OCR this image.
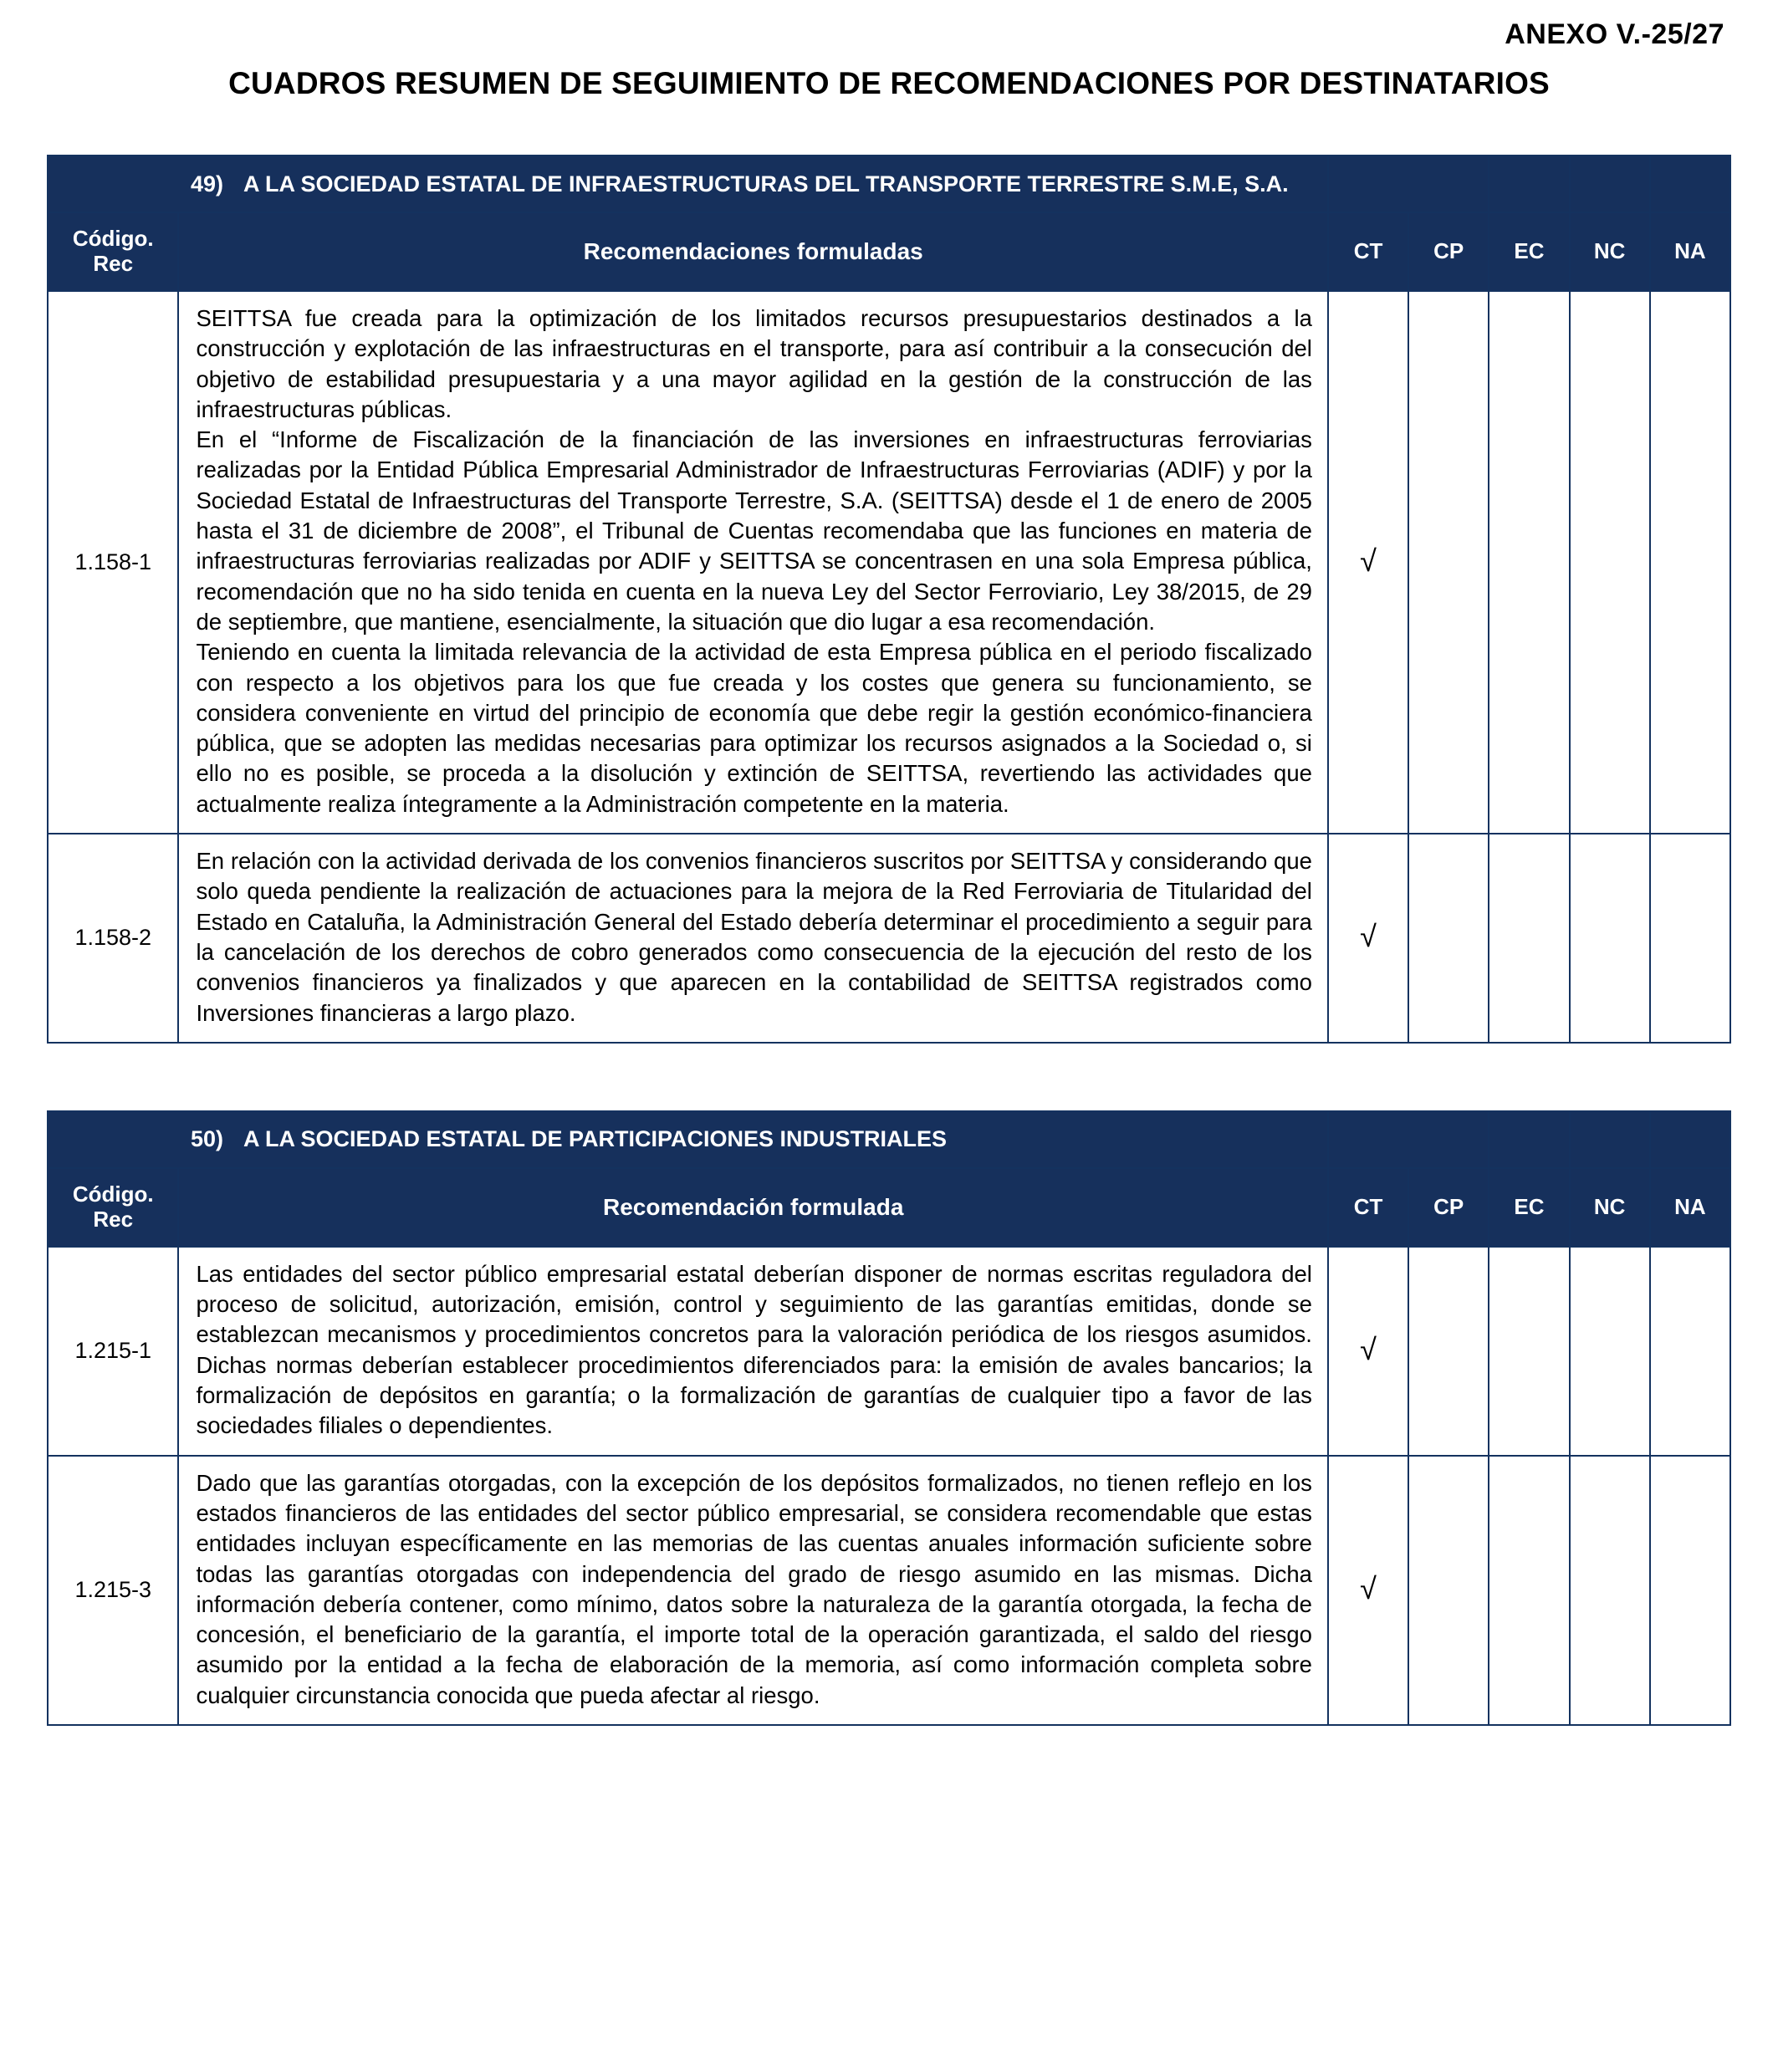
ANEXO V.-25/27
CUADROS RESUMEN DE SEGUIMIENTO DE RECOMENDACIONES POR DESTINATARIOS
49) A LA SOCIEDAD ESTATAL DE INFRAESTRUCTURAS DEL TRANSPORTE TERRESTRE S.M.E, S.A.						

Código.
Rec	Recomendaciones formuladas	CT	CP	EC	NC	NA
1.158-1	SEITTSA fue creada para la optimización de los limitados recursos presupuestarios destinados a la construcción y explotación de las infraestructuras en el transporte, para así contribuir a la consecución del objetivo de estabilidad presupuestaria y a una mayor agilidad en la gestión de la construcción de las infraestructuras públicas.

En el “Informe de Fiscalización de la financiación de las inversiones en infraestructuras ferroviarias realizadas por la Entidad Pública Empresarial Administrador de Infraestructuras Ferroviarias (ADIF) y por la Sociedad Estatal de Infraestructuras del Transporte Terrestre, S.A. (SEITTSA) desde el 1 de enero de 2005 hasta el 31 de diciembre de 2008”, el Tribunal de Cuentas recomendaba que las funciones en materia de infraestructuras ferroviarias realizadas por ADIF y SEITTSA se concentrasen en una sola Empresa pública, recomendación que no ha sido tenida en cuenta en la nueva Ley del Sector Ferroviario, Ley 38/2015, de 29 de septiembre, que mantiene, esencialmente, la situación que dio lugar a esa recomendación.

Teniendo en cuenta la limitada relevancia de la actividad de esta Empresa pública en el periodo fiscalizado con respecto a los objetivos para los que fue creada y los costes que genera su funcionamiento, se considera conveniente en virtud del principio de economía que debe regir la gestión económico-financiera pública, que se adopten las medidas necesarias para optimizar los recursos asignados a la Sociedad o, si ello no es posible, se proceda a la disolución y extinción de SEITTSA, revertiendo las actividades que actualmente realiza íntegramente a la Administración competente en la materia.	√				
1.158-2	En relación con la actividad derivada de los convenios financieros suscritos por SEITTSA y considerando que solo queda pendiente la realización de actuaciones para la mejora de la Red Ferroviaria de Titularidad del Estado en Cataluña, la Administración General del Estado debería determinar el procedimiento a seguir para la cancelación de los derechos de cobro generados como consecuencia de la ejecución del resto de los convenios financieros ya finalizados y que aparecen en la contabilidad de SEITTSA registrados como Inversiones financieras a largo plazo.	√				
50) A LA SOCIEDAD ESTATAL DE PARTICIPACIONES INDUSTRIALES						

Código.
Rec	Recomendación formulada	CT	CP	EC	NC	NA
1.215-1	Las entidades del sector público empresarial estatal deberían disponer de normas escritas reguladora del proceso de solicitud, autorización, emisión, control y seguimiento de las garantías emitidas, donde se establezcan mecanismos y procedimientos concretos para la valoración periódica de los riesgos asumidos. Dichas normas deberían establecer procedimientos diferenciados para: la emisión de avales bancarios; la formalización de depósitos en garantía; o la formalización de garantías de cualquier tipo a favor de las sociedades filiales o dependientes.	√				
1.215-3	Dado que las garantías otorgadas, con la excepción de los depósitos formalizados, no tienen reflejo en los estados financieros de las entidades del sector público empresarial, se considera recomendable que estas entidades incluyan específicamente en las memorias de las cuentas anuales información suficiente sobre todas las garantías otorgadas con independencia del grado de riesgo asumido en las mismas. Dicha información debería contener, como mínimo, datos sobre la naturaleza de la garantía otorgada, la fecha de concesión, el beneficiario de la garantía, el importe total de la operación garantizada, el saldo del riesgo asumido por la entidad a la fecha de elaboración de la memoria, así como información completa sobre cualquier circunstancia conocida que pueda afectar al riesgo.	√				
